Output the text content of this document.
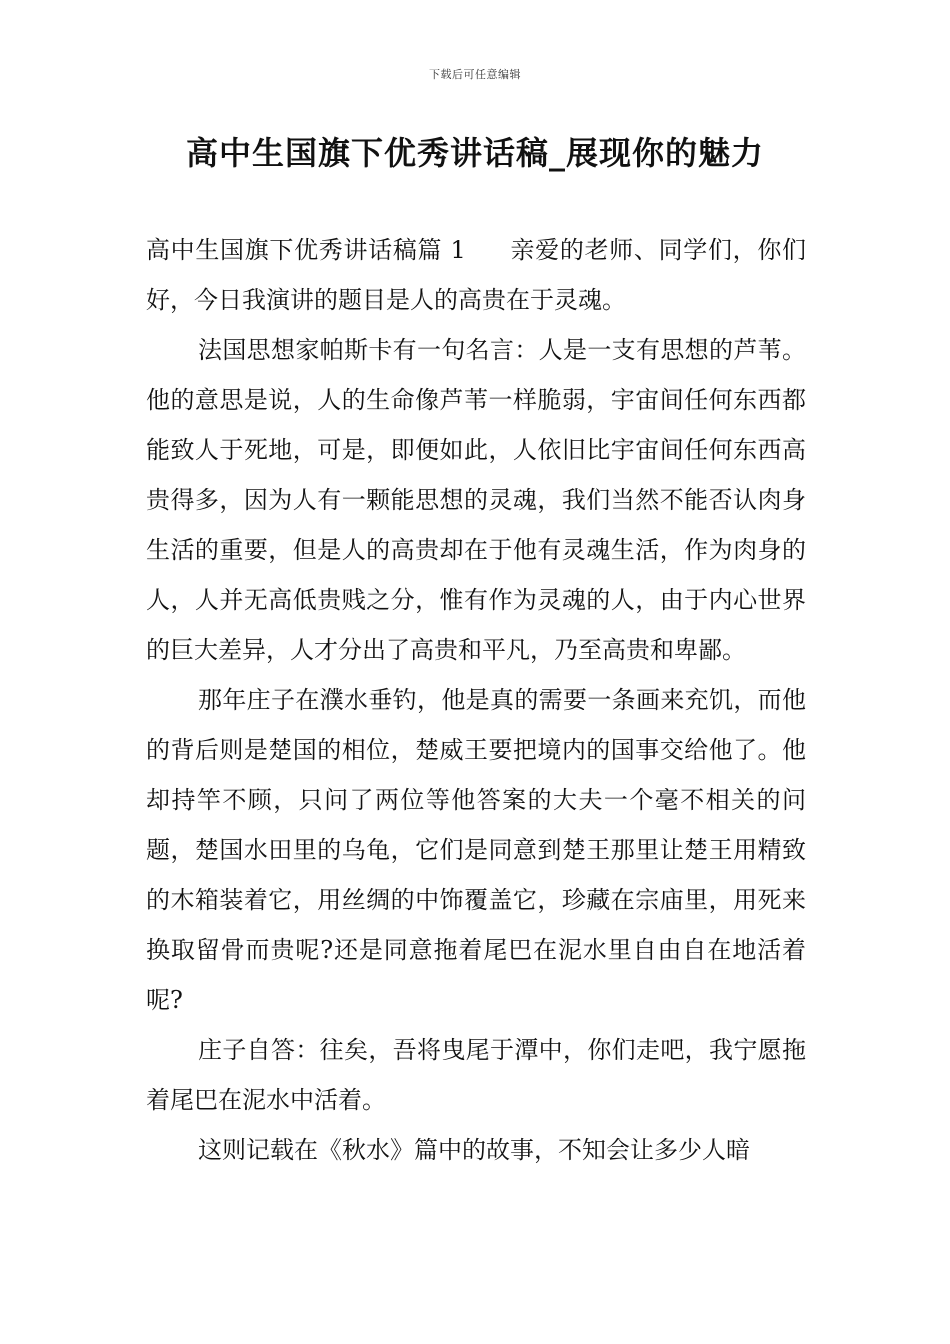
下载后可任意编辑
高中生国旗下优秀讲话稿_展现你的魅力

高中生国旗下优秀讲话稿篇 1 亲爱的老师、同学们，你们好，今日我演讲的题目是人的高贵在于灵魂。

法国思想家帕斯卡有一句名言：人是一支有思想的芦苇。他的意思是说，人的生命像芦苇一样脆弱，宇宙间任何东西都能致人于死地，可是，即便如此，人依旧比宇宙间任何东西高贵得多，因为人有一颗能思想的灵魂，我们当然不能否认肉身生活的重要，但是人的高贵却在于他有灵魂生活，作为肉身的人，人并无高低贵贱之分，惟有作为灵魂的人，由于内心世界的巨大差异，人才分出了高贵和平凡，乃至高贵和卑鄙。

那年庄子在濮水垂钓，他是真的需要一条画来充饥，而他的背后则是楚国的相位，楚威王要把境内的国事交给他了。他却持竿不顾，只问了两位等他答案的大夫一个毫不相关的问题，楚国水田里的乌龟，它们是同意到楚王那里让楚王用精致的木箱装着它，用丝绸的中饰覆盖它，珍藏在宗庙里，用死来换取留骨而贵呢?还是同意拖着尾巴在泥水里自由自在地活着呢?

庄子自答：往矣，吾将曳尾于潭中，你们走吧，我宁愿拖着尾巴在泥水中活着。

这则记载在《秋水》篇中的故事，不知会让多少人暗
